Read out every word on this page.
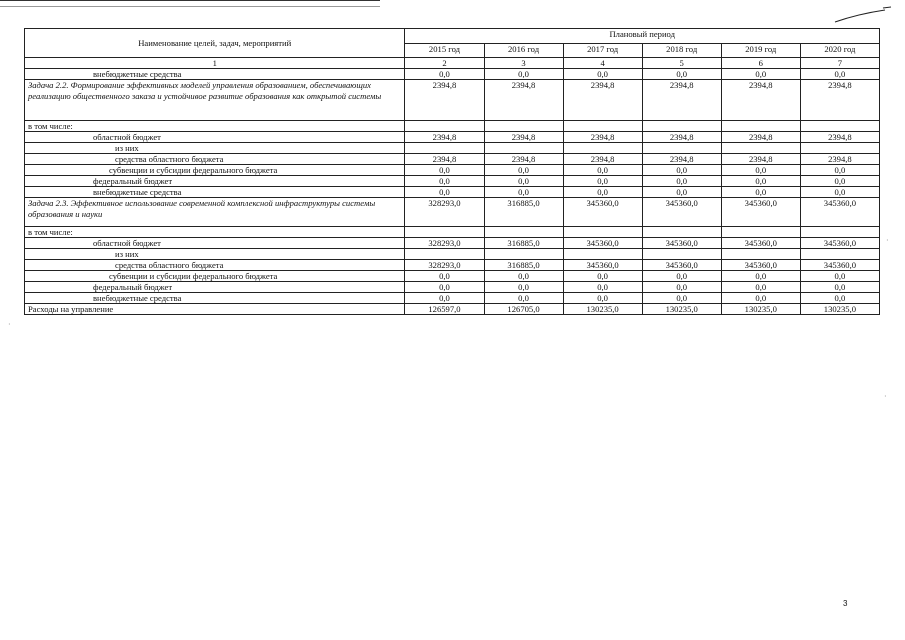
Наименование целей, задач, мероприятий	Плановый период					
	2015 год	2016 год	2017 год	2018 год	2019 год	2020 год
1	2	3	4	5	6	7
внебюджетные средства	0,0	0,0	0,0	0,0	0,0	0,0
Задача 2.2. Формирование эффективных моделей управления образованием, обеспечивающих реализацию общественного заказа и устойчивое развитие образования как открытой системы	2394,8	2394,8	2394,8	2394,8	2394,8	2394,8
в том числе:						
областной бюджет	2394,8	2394,8	2394,8	2394,8	2394,8	2394,8
из них						
средства областного бюджета	2394,8	2394,8	2394,8	2394,8	2394,8	2394,8
субвенции и субсидии федерального бюджета	0,0	0,0	0,0	0,0	0,0	0,0
федеральный бюджет	0,0	0,0	0,0	0,0	0,0	0,0
внебюджетные средства	0,0	0,0	0,0	0,0	0,0	0,0
Задача 2.3. Эффективное использование современной комплексной инфраструктуры системы образования и науки	328293,0	316885,0	345360,0	345360,0	345360,0	345360,0
в том числе:						
областной бюджет	328293,0	316885,0	345360,0	345360,0	345360,0	345360,0
из них						
средства областного бюджета	328293,0	316885,0	345360,0	345360,0	345360,0	345360,0
субвенции и субсидии федерального бюджета	0,0	0,0	0,0	0,0	0,0	0,0
федеральный бюджет	0,0	0,0	0,0	0,0	0,0	0,0
внебюджетные средства	0,0	0,0	0,0	0,0	0,0	0,0
Расходы на управление	126597,0	126705,0	130235,0	130235,0	130235,0	130235,0
3
·
·
·
